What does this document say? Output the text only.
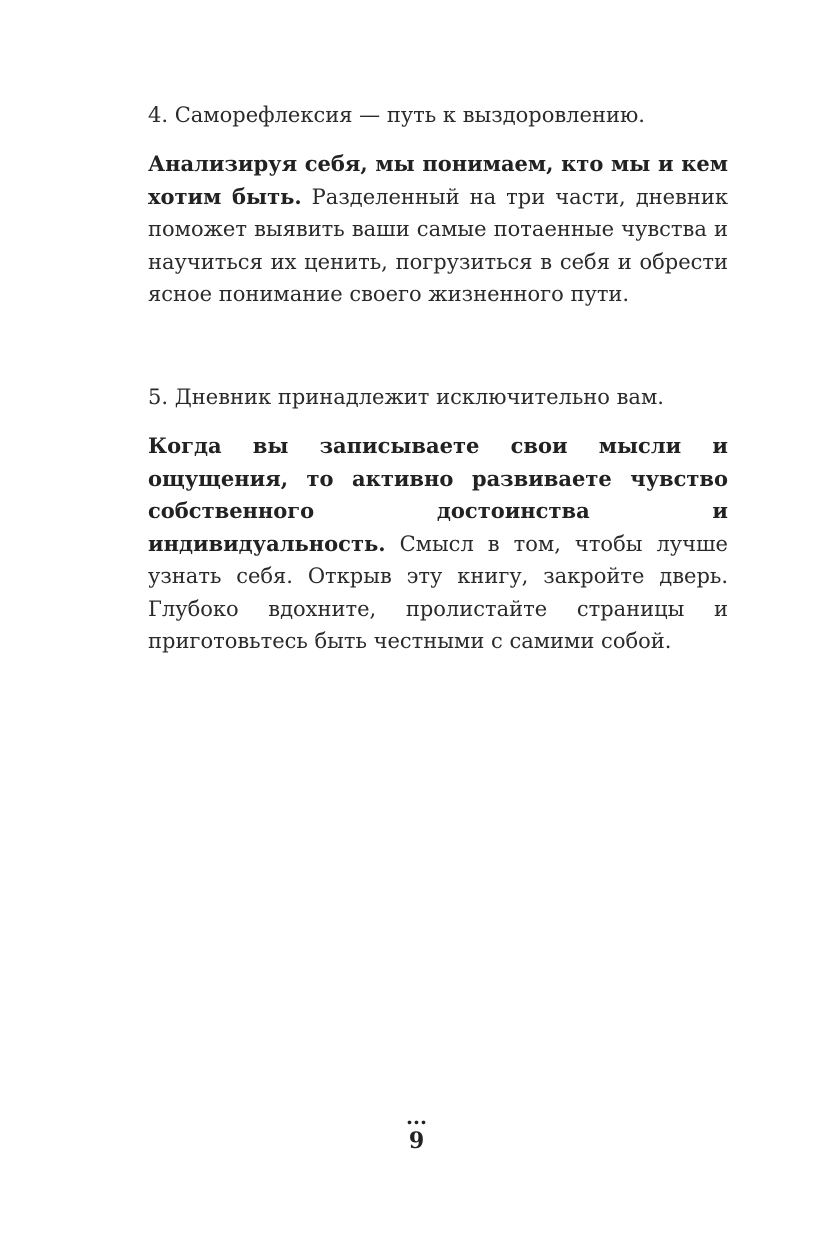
4. Саморефлексия — путь к выздоровлению.

Анализируя себя, мы понимаем, кто мы и кем хотим быть. Разделенный на три части, дневник поможет выявить ваши самые потаенные чувства и научиться их ценить, погрузиться в себя и обрести ясное понимание своего жизненного пути.

5. Дневник принадлежит исключительно вам.

Когда вы записываете свои мысли и ощущения, то активно развиваете чувство собственного достоинства и индивидуальность. Смысл в том, чтобы лучше узнать себя. Открыв эту книгу, закройте дверь. Глубоко вдохните, пролистайте страницы и приготовьтесь быть честными с самими собой.

...
9
